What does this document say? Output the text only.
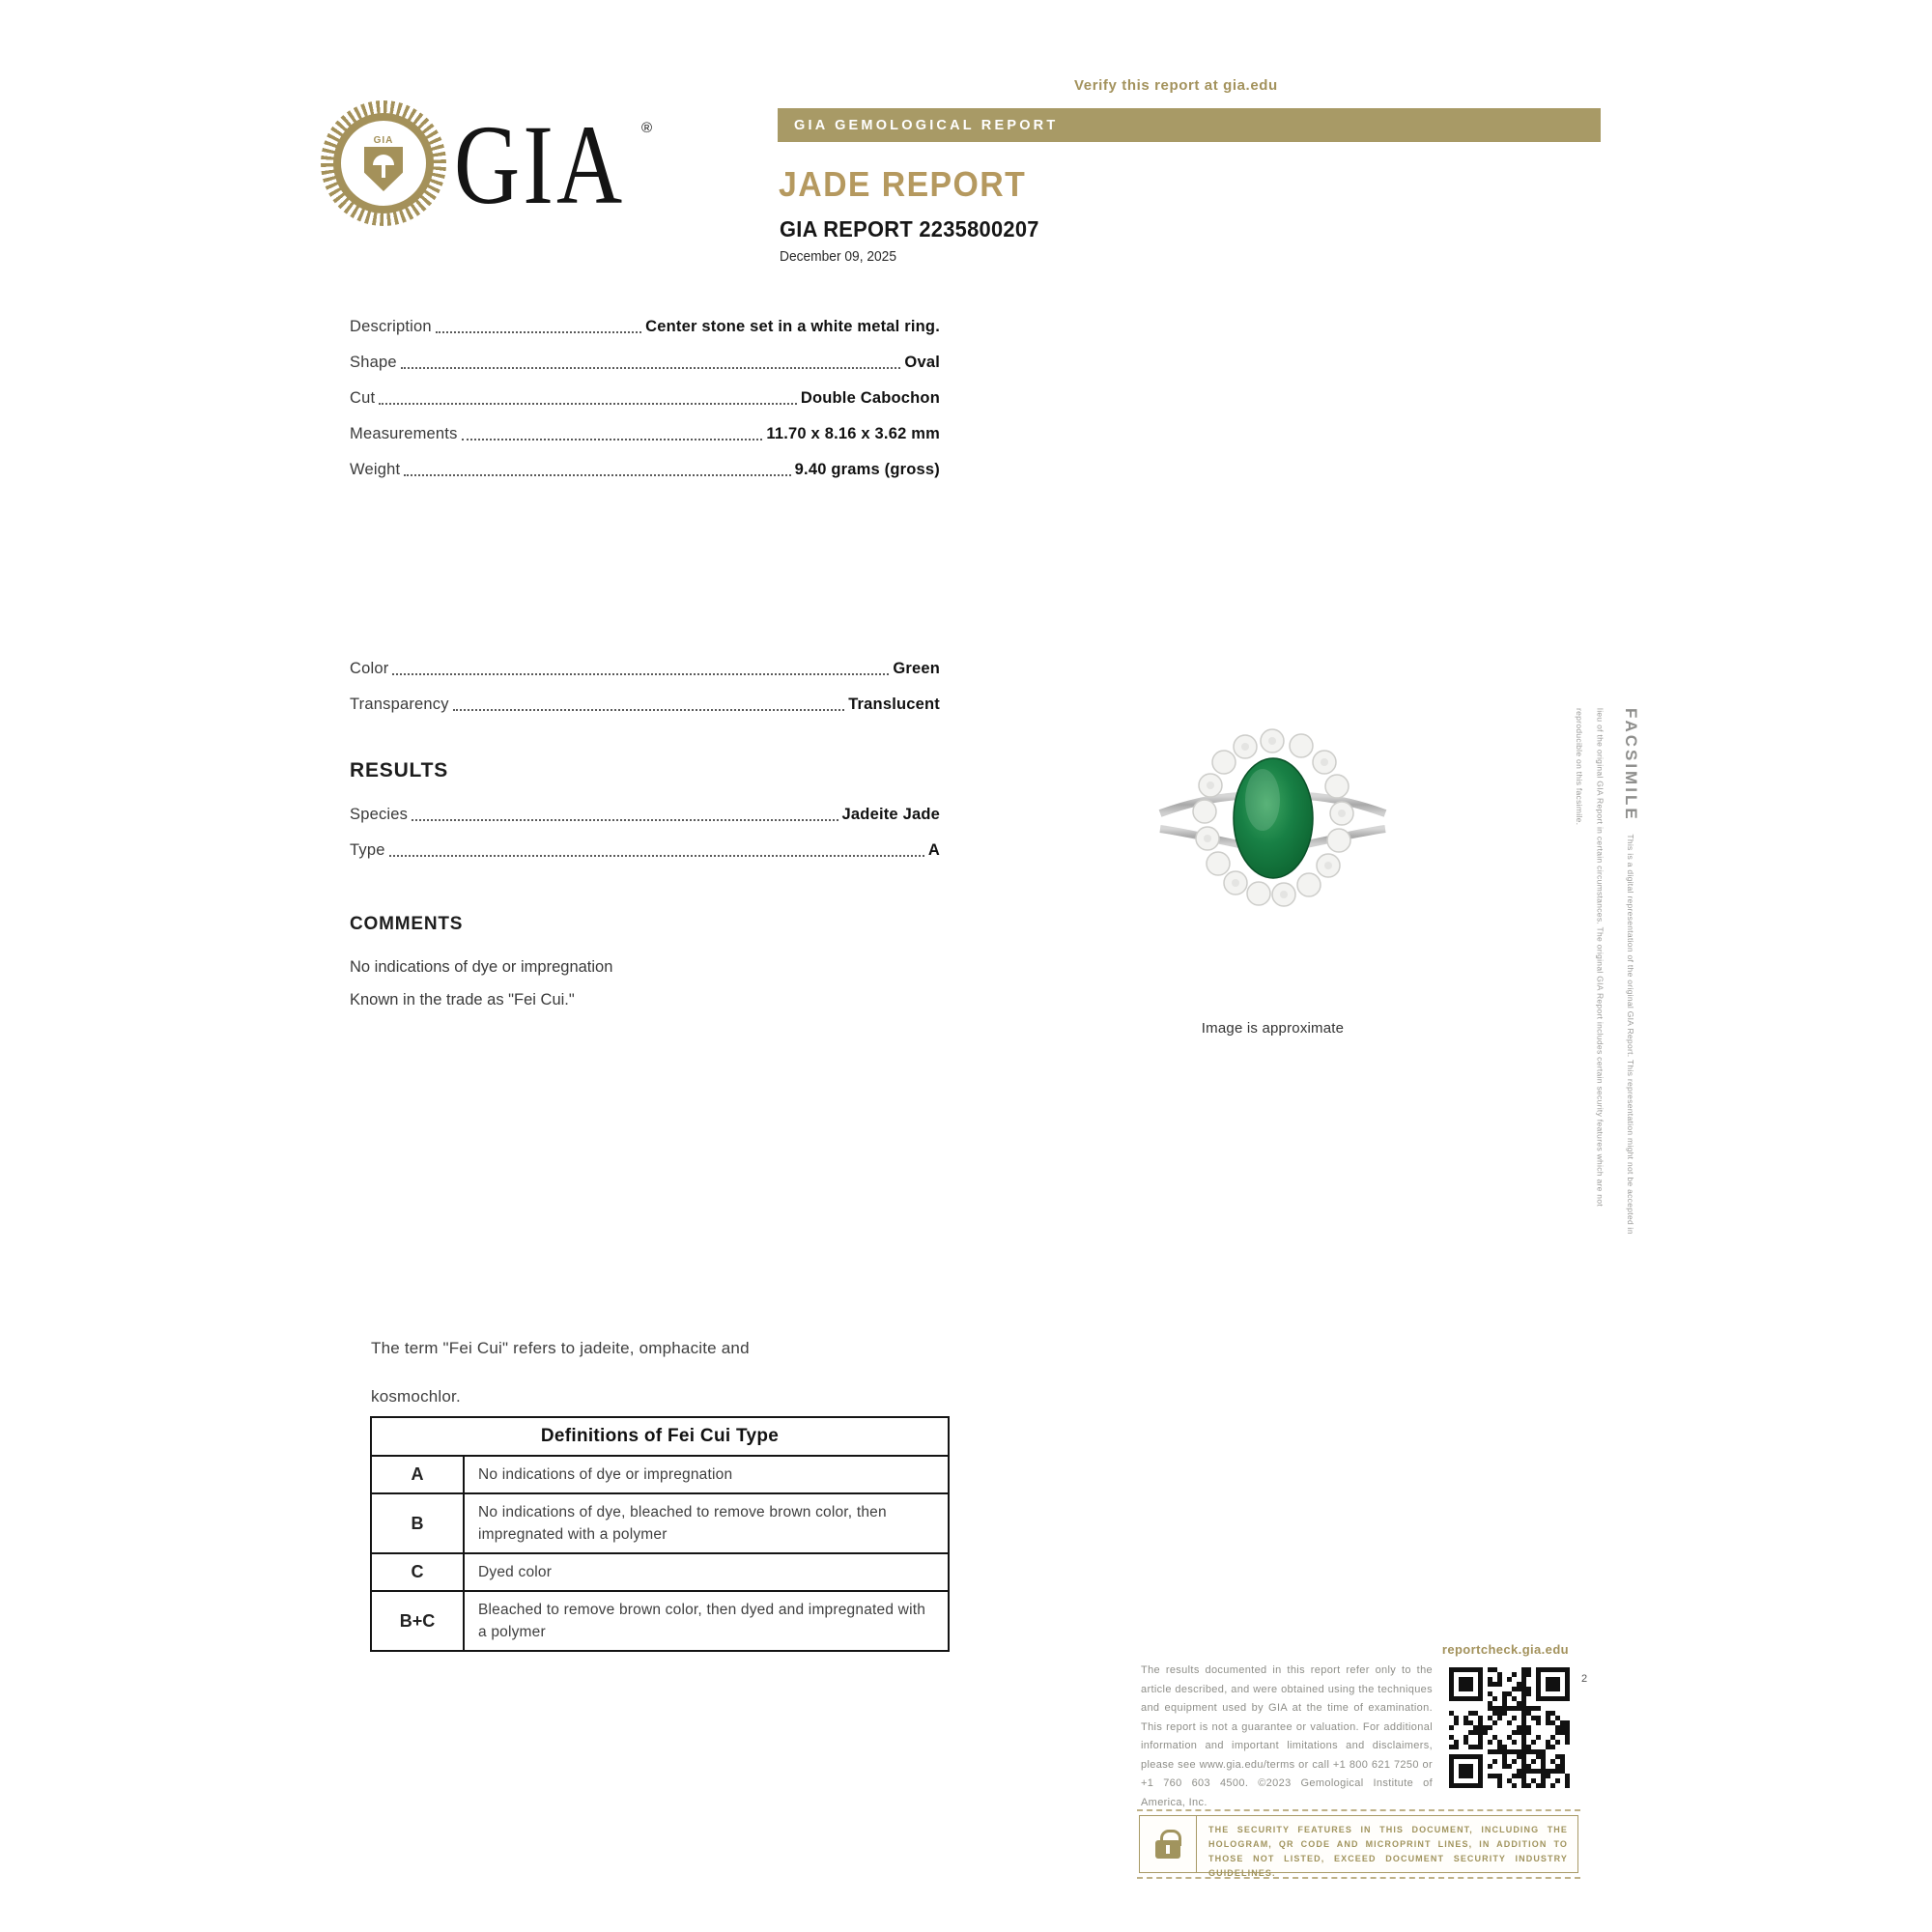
Verify this report at gia.edu
GIA GIA ®	GIA GEMOLOGICAL REPORT
JADE REPORT
GIA REPORT 2235800207
December 09, 2025
Description	Center stone set in a white metal ring.
Shape	Oval
Cut	Double Cabochon
Measurements	11.70 x 8.16 x 3.62 mm
Weight	9.40 grams (gross)
Color	Green
Transparency	Translucent
RESULTS
Species	Jadeite Jade
Type	A
COMMENTS
No indications of dye or impregnation
Known in the trade as "Fei Cui."
Image is approximate
FACSIMILE This is a digital representation of the original GIA Report. This representation might not be accepted in lieu of the original GIA Report in certain circumstances. The original GIA Report includes certain security features which are not reproducible on this facsimile.
The term "Fei Cui" refers to jadeite, omphacite and
kosmochlor.
Definitions of Fei Cui Type	
A	No indications of dye or impregnation
B	No indications of dye, bleached to remove brown color, then impregnated with a polymer
C	Dyed color
B+C	Bleached to remove brown color, then dyed and impregnated with a polymer
reportcheck.gia.edu
The results documented in this report refer only to the article described, and were obtained using the techniques and equipment used by GIA at the time of examination. This report is not a guarantee or valuation. For additional information and important limitations and disclaimers, please see www.gia.edu/terms or call +1 800 621 7250 or +1 760 603 4500. ©2023 Gemological Institute of America, Inc.
2
THE SECURITY FEATURES IN THIS DOCUMENT, INCLUDING THE HOLOGRAM, QR CODE AND MICROPRINT LINES, IN ADDITION TO THOSE NOT LISTED, EXCEED DOCUMENT SECURITY INDUSTRY GUIDELINES.
